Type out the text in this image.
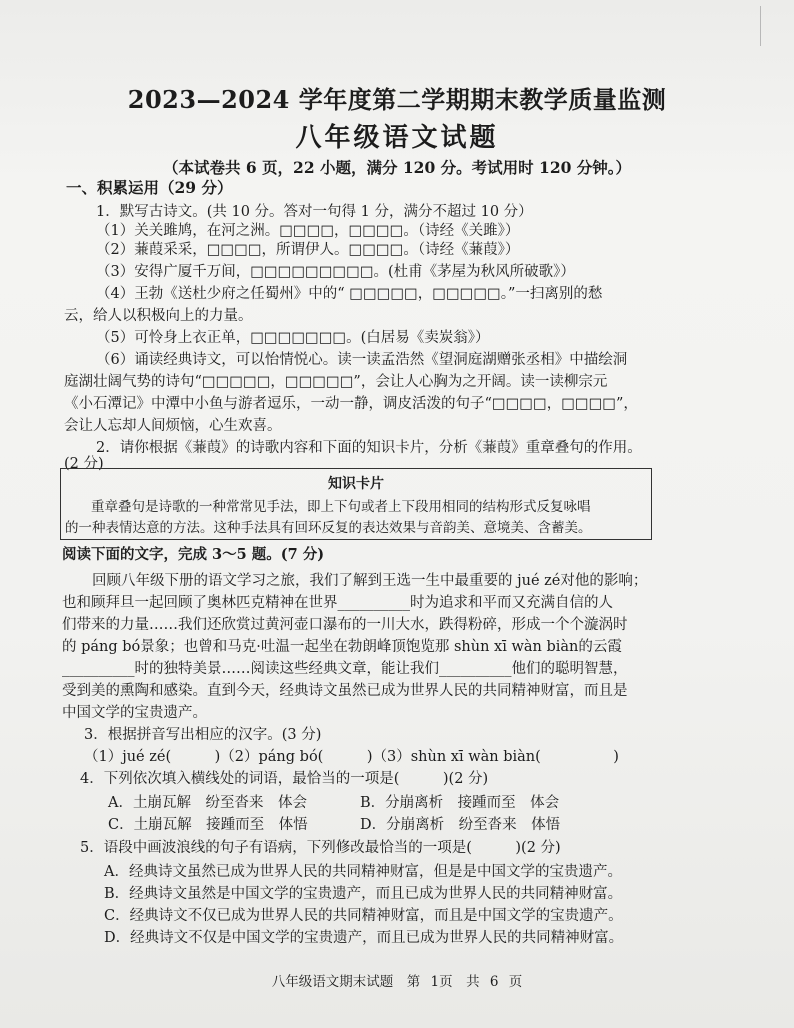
2023—2024 学年度第二学期期末教学质量监测
八年级语文试题
（本试卷共 6 页，22 小题，满分 120 分。考试用时 120 分钟。）
一、积累运用（29 分）
1．默写古诗文。(共 10 分。答对一句得 1 分，满分不超过 10 分）
（1）关关雎鸠，在河之洲。□□□□，□□□□。（诗经《关雎》）
（2）蒹葭采采，□□□□，所谓伊人。□□□□。（诗经《蒹葭》）
（3）安得广厦千万间，□□□□□□□□□。(杜甫《茅屋为秋风所破歌》）
（4）王勃《送杜少府之任蜀州》中的“ □□□□□，□□□□□。”一扫离别的愁
云，给人以积极向上的力量。
（5）可怜身上衣正单，□□□□□□□。(白居易《卖炭翁》）
（6）诵读经典诗文，可以怡情悦心。读一读孟浩然《望洞庭湖赠张丞相》中描绘洞
庭湖壮阔气势的诗句“□□□□□，□□□□□”，会让人心胸为之开阔。读一读柳宗元
《小石潭记》中潭中小鱼与游者逗乐，一动一静，调皮活泼的句子“□□□□，□□□□”，
会让人忘却人间烦恼，心生欢喜。
2．请你根据《蒹葭》的诗歌内容和下面的知识卡片，分析《蒹葭》重章叠句的作用。
(2 分)
知识卡片
重章叠句是诗歌的一种常常见手法，即上下句或者上下段用相同的结构形式反复咏唱
的一种表情达意的方法。这种手法具有回环反复的表达效果与音韵美、意境美、含蓄美。
阅读下面的文字，完成 3～5 题。(7 分)
回顾八年级下册的语文学习之旅，我们了解到王选一生中最重要的 jué zé对他的影响；
也和顾拜旦一起回顾了奥林匹克精神在世界__________时为追求和平而又充满自信的人
们带来的力量……我们还欣赏过黄河壶口瀑布的一川大水，跌得粉碎，形成一个个漩涡时
的 páng bó景象；也曾和马克·吐温一起坐在勃朗峰顶饱览那 shùn xī wàn biàn的云霞
__________时的独特美景……阅读这些经典文章，能让我们__________他们的聪明智慧，
受到美的熏陶和感染。直到今天，经典诗文虽然已成为世界人民的共同精神财富，而且是
中国文学的宝贵遗产。
3．根据拼音写出相应的汉字。(3 分)
（1）jué zé(　　　)（2）páng bó(　　　)（3）shùn xī wàn biàn(　　　　　)
4．下列依次填入横线处的词语，最恰当的一项是(　　　)(2 分)
A．土崩瓦解　纷至沓来　体会	B．分崩离析　接踵而至　体会
C．土崩瓦解　接踵而至　体悟	D．分崩离析　纷至沓来　体悟
5．语段中画波浪线的句子有语病，下列修改最恰当的一项是(　　　)(2 分)
A．经典诗文虽然已成为世界人民的共同精神财富，但是是中国文学的宝贵遗产。
B．经典诗文虽然是中国文学的宝贵遗产，而且已成为世界人民的共同精神财富。
C．经典诗文不仅已成为世界人民的共同精神财富，而且是中国文学的宝贵遗产。
D．经典诗文不仅是中国文学的宝贵遗产，而且已成为世界人民的共同精神财富。
八年级语文期末试题　第 1页　共 6 页
